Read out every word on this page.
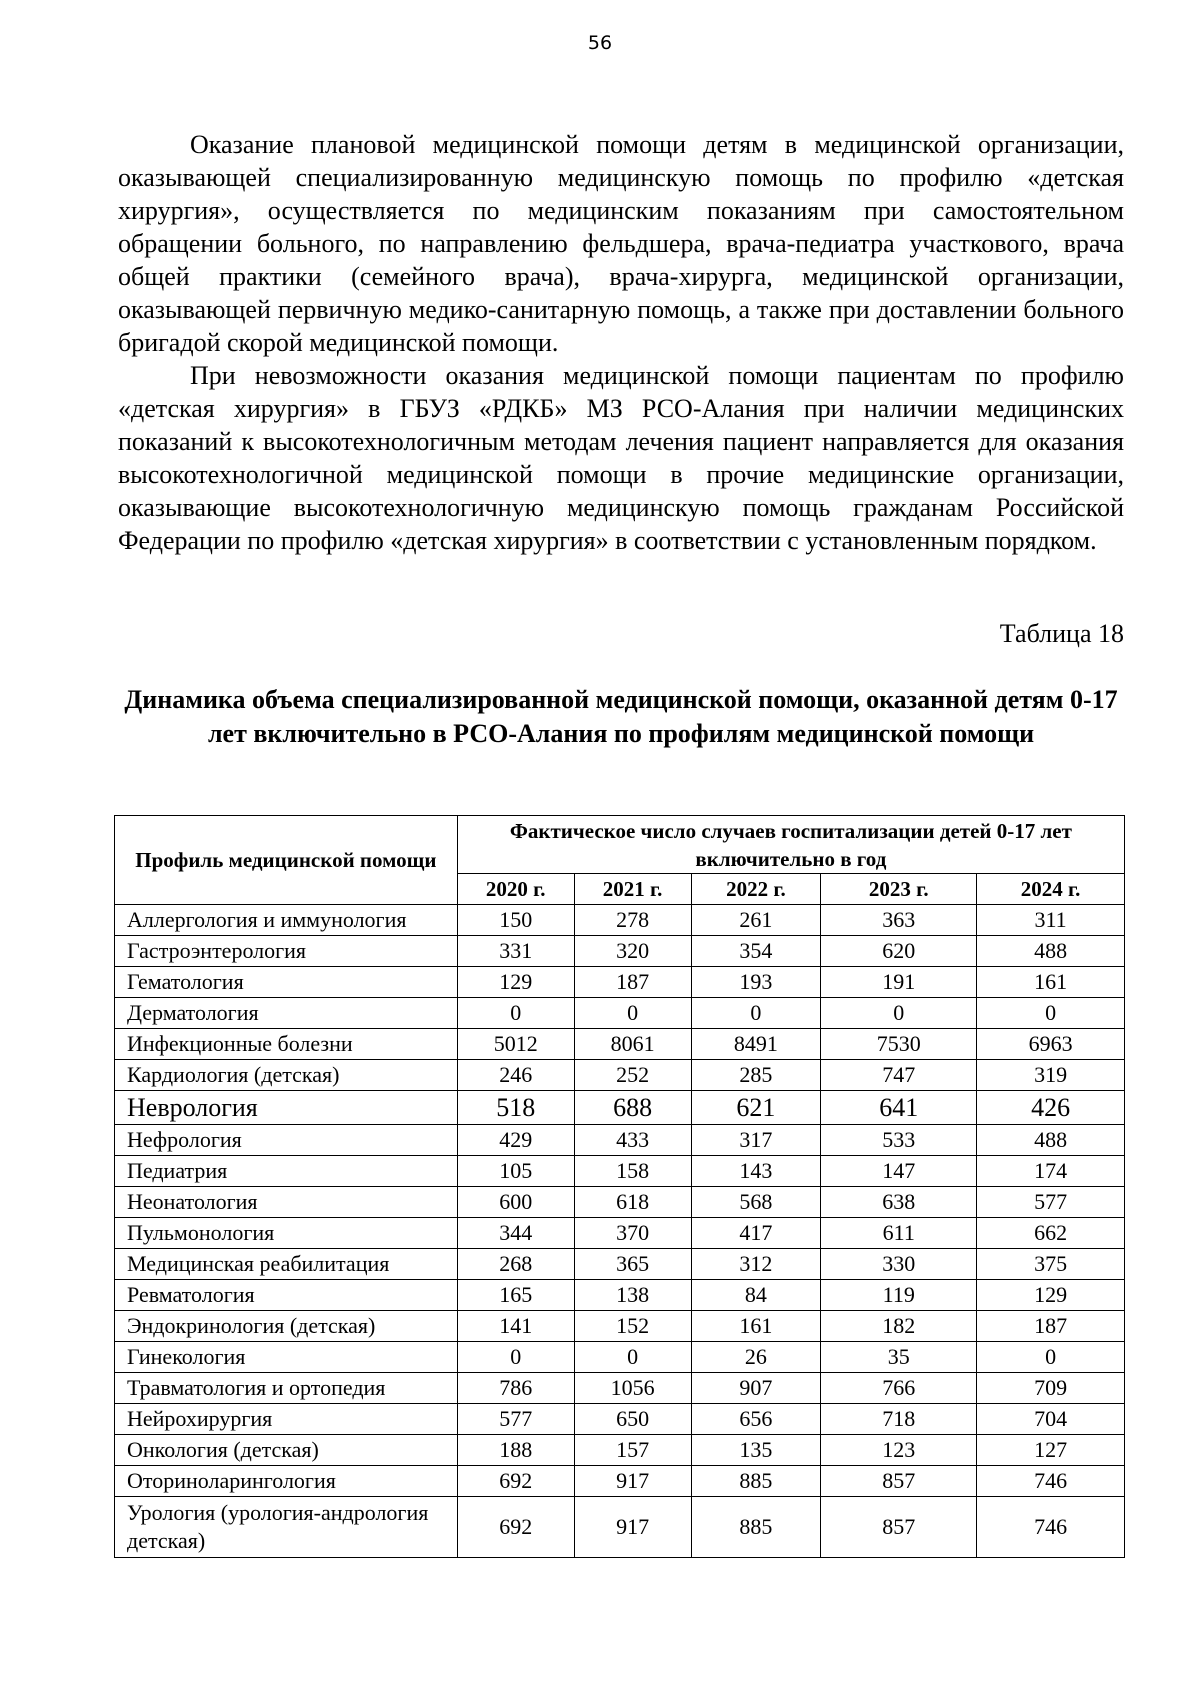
56

Оказание плановой медицинской помощи детям в медицинской организации, оказывающей специализированную медицинскую помощь по профилю «детская хирургия», осуществляется по медицинским показаниям при самостоятельном обращении больного, по направлению фельдшера, врача-педиатра участкового, врача общей практики (семейного врача), врача-хирурга, медицинской организации, оказывающей первичную медико-санитарную помощь, а также при доставлении больного бригадой скорой медицинской помощи.

При невозможности оказания медицинской помощи пациентам по профилю «детская хирургия» в ГБУЗ «РДКБ» МЗ РСО-Алания при наличии медицинских показаний к высокотехнологичным методам лечения пациент направляется для оказания высокотехнологичной медицинской помощи в прочие медицинские организации, оказывающие высокотехнологичную медицинскую помощь гражданам Российской Федерации по профилю «детская хирургия» в соответствии с установленным порядком.

Таблица 18
Динамика объема специализированной медицинской помощи, оказанной детям 0-17 лет включительно в РСО-Алания по профилям медицинской помощи
Профиль медицинской помощи	Фактическое число случаев госпитализации детей 0-17 лет включительно в год				
	2020 г.	2021 г.	2022 г.	2023 г.	2024 г.
Аллергология и иммунология	150	278	261	363	311
Гастроэнтерология	331	320	354	620	488
Гематология	129	187	193	191	161
Дерматология	0	0	0	0	0
Инфекционные болезни	5012	8061	8491	7530	6963
Кардиология (детская)	246	252	285	747	319
Неврология	518	688	621	641	426
Нефрология	429	433	317	533	488
Педиатрия	105	158	143	147	174
Неонатология	600	618	568	638	577
Пульмонология	344	370	417	611	662
Медицинская реабилитация	268	365	312	330	375
Ревматология	165	138	84	119	129
Эндокринология (детская)	141	152	161	182	187
Гинекология	0	0	26	35	0
Травматология и ортопедия	786	1056	907	766	709
Нейрохирургия	577	650	656	718	704
Онкология (детская)	188	157	135	123	127
Оториноларингология	692	917	885	857	746
Урология (урология-андрология детская)	692	917	885	857	746
